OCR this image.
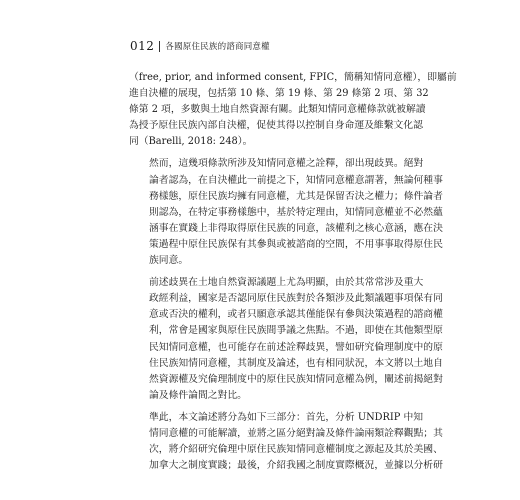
012 各國原住民族的諮商同意權

（free, prior, and informed consent, FPIC，簡稱知情同意權），即屬前
進自決權的展現，包括第 10 條、第 19 條、第 29 條第 2 項、第 32
條第 2 項，多數與土地自然資源有關。此類知情同意權條款就被解讀
為授予原住民族內部自決權，促使其得以控制自身命運及維繫文化認
同（Barelli, 2018: 248）。

然而，這幾項條款所涉及知情同意權之詮釋，卻出現歧異。絕對
論者認為，在自決權此一前提之下，知情同意權意謂著，無論何種事
務樣態，原住民族均擁有同意權，尤其是保留否決之權力；條件論者
則認為，在特定事務樣態中，基於特定理由，知情同意權並不必然蘊
涵事在實踐上非得取得原住民族的同意，該權利之核心意涵，應在決
策過程中原住民族保有其參與或被諮商的空間，不用事事取得原住民
族同意。

前述歧異在土地自然資源議題上尤為明顯，由於其常常涉及重大
政經利益，國家是否認同原住民族對於各類涉及此類議題事項保有同
意或否決的權利，或者只願意承認其僅能保有參與決策過程的諮商權
利，常會是國家與原住民族間爭議之焦點。不過，即使在其他類型原
民知情同意權，也可能存在前述詮釋歧異，譬如研究倫理制度中的原
住民族知情同意權，其制度及論述，也有相同狀況，本文將以土地自
然資源權及究倫理制度中的原住民族知情同意權為例，闡述前揭絕對
論及條件論間之對比。

準此，本文論述將分為如下三部分：首先，分析 UNDRIP 中知
情同意權的可能解讀，並將之區分絕對論及條件論兩類詮釋觀點；其
次，將介紹研究倫理中原住民族知情同意權制度之源起及其於美國、
加拿大之制度實踐；最後，介紹我國之制度實際概況，並據以分析研
